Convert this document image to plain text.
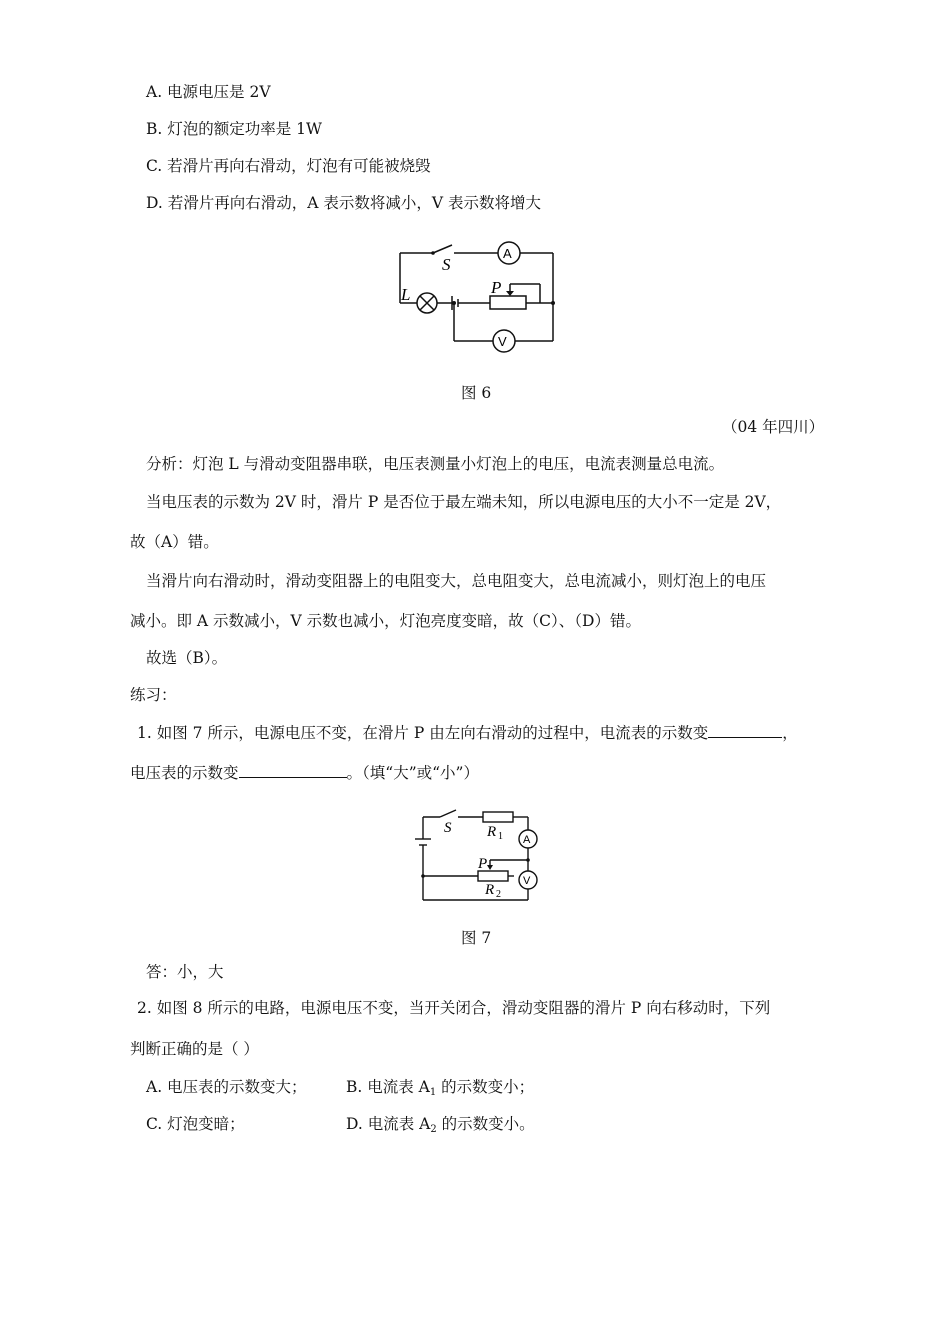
A. 电源电压是 2V
B. 灯泡的额定功率是 1W
C. 若滑片再向右滑动，灯泡有可能被烧毁
D. 若滑片再向右滑动，A 表示数将减小，V 表示数将增大
S
A
L	P
V
图 6
（04 年四川）
分析：灯泡 L 与滑动变阻器串联，电压表测量小灯泡上的电压，电流表测量总电流。
当电压表的示数为 2V 时，滑片 P 是否位于最左端未知，所以电源电压的大小不一定是 2V，
故（A）错。
当滑片向右滑动时，滑动变阻器上的电阻变大，总电阻变大，总电流减小，则灯泡上的电压
减小。即 A 示数减小，V 示数也减小，灯泡亮度变暗，故（C）、（D）错。
故选（B）。
练习：
1. 如图 7 所示，电源电压不变，在滑片 P 由左向右滑动的过程中，电流表的示数变	，
电压表的示数变	。（填“大”或“小”）
S R 1 A
P
R 2
V
图 7
答：小，大
2. 如图 8 所示的电路，电源电压不变，当开关闭合，滑动变阻器的滑片 P 向右移动时，下列
判断正确的是（ ）
A. 电压表的示数变大；	B. 电流表 $A_1$ 的示数变小；
C. 灯泡变暗；	D. 电流表 $A_2$ 的示数变小。
